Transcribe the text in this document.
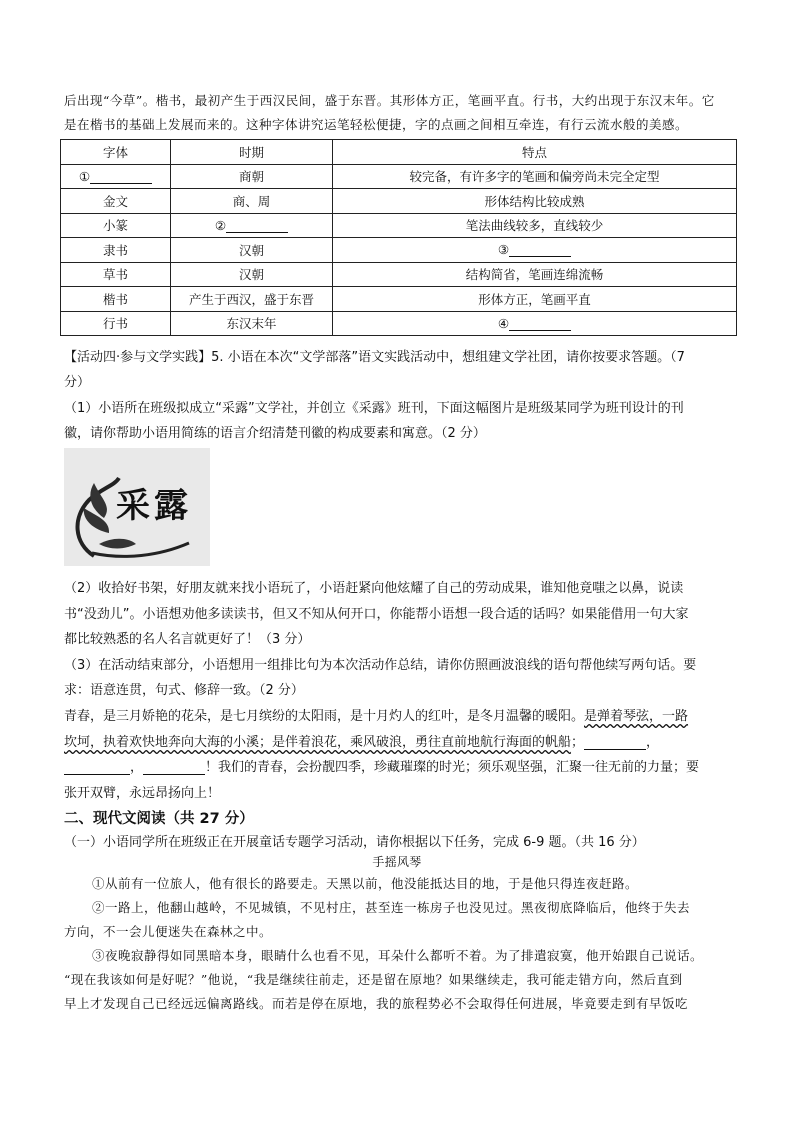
后出现“今草”。楷书，最初产生于西汉民间，盛于东晋。其形体方正，笔画平直。行书，大约出现于东汉末年。它
是在楷书的基础上发展而来的。这种字体讲究运笔轻松便捷，字的点画之间相互牵连，有行云流水般的美感。
字体	时期	特点
①	商朝	较完备，有许多字的笔画和偏旁尚未完全定型
金文	商、周	形体结构比较成熟
小篆	②	笔法曲线较多，直线较少
隶书	汉朝	③
草书	汉朝	结构简省，笔画连绵流畅
楷书	产生于西汉，盛于东晋	形体方正，笔画平直
行书	东汉末年	④
【活动四·参与文学实践】5. 小语在本次“文学部落”语文实践活动中，想组建文学社团，请你按要求答题。（7
分）
（1）小语所在班级拟成立“采露”文学社，并创立《采露》班刊，下面这幅图片是班级某同学为班刊设计的刊
徽，请你帮助小语用简练的语言介绍清楚刊徽的构成要素和寓意。（2 分）
采露
（2）收拾好书架，好朋友就来找小语玩了，小语赶紧向他炫耀了自己的劳动成果，谁知他竟嗤之以鼻，说读
书“没劲儿”。小语想劝他多读读书，但又不知从何开口，你能帮小语想一段合适的话吗？如果能借用一句大家
都比较熟悉的名人名言就更好了！（3 分）
（3）在活动结束部分，小语想用一组排比句为本次活动作总结，请你仿照画波浪线的语句帮他续写两句话。要
求：语意连贯，句式、修辞一致。（2 分）
青春，是三月娇艳的花朵，是七月缤纷的太阳雨，是十月灼人的红叶，是冬月温馨的暖阳。是弹着琴弦，一路
坎坷，执着欢快地奔向大海的小溪；是伴着浪花，乘风破浪，勇往直前地航行海面的帆船；	，
，	！我们的青春，会扮靓四季，珍藏璀璨的时光；须乐观坚强，汇聚一往无前的力量；要
张开双臂，永远昂扬向上！
二、现代文阅读（共 27 分）
（一）小语同学所在班级正在开展童话专题学习活动，请你根据以下任务，完成 6-9 题。（共 16 分）
手摇风琴
①从前有一位旅人，他有很长的路要走。天黑以前，他没能抵达目的地，于是他只得连夜赶路。
②一路上，他翻山越岭，不见城镇，不见村庄，甚至连一栋房子也没见过。黑夜彻底降临后，他终于失去
方向，不一会儿便迷失在森林之中。
③夜晚寂静得如同黑暗本身，眼睛什么也看不见，耳朵什么都听不着。为了排遣寂寞，他开始跟自己说话。
“现在我该如何是好呢？”他说，“我是继续往前走，还是留在原地？如果继续走，我可能走错方向，然后直到
早上才发现自己已经远远偏离路线。而若是停在原地，我的旅程势必不会取得任何进展，毕竟要走到有早饭吃
